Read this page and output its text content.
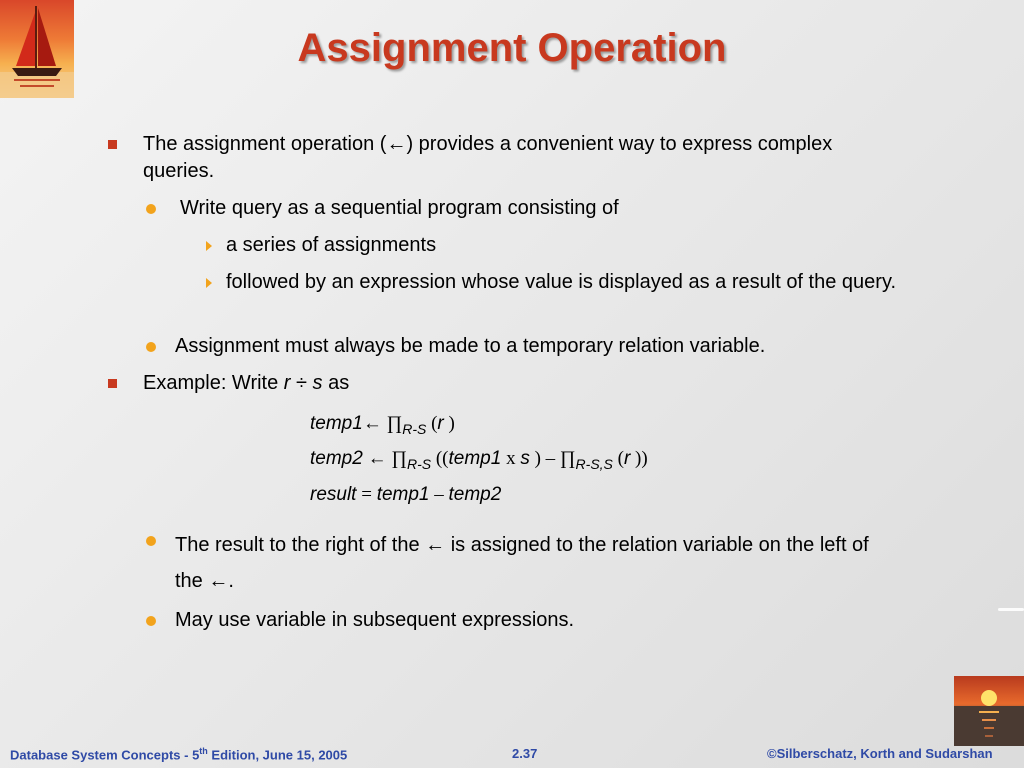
Assignment Operation
The assignment operation (←) provides a convenient way to express complex queries.
Write query as a sequential program consisting of
a series of assignments
followed by an expression whose value is displayed as a result of the query.
Assignment must always be made to a temporary relation variable.
Example: Write r ÷ s as
temp1← $\prod_{R-S}$ (r )
temp2 ← $\prod_{R-S}$ ((temp1 x s ) – $\prod_{R-S,S}$ (r ))
result = temp1 – temp2
The result to the right of the ← is assigned to the relation variable on the left of the ←.
May use variable in subsequent expressions.
Database System Concepts - 5th Edition, June 15, 2005	2.37	©Silberschatz, Korth and Sudarshan
